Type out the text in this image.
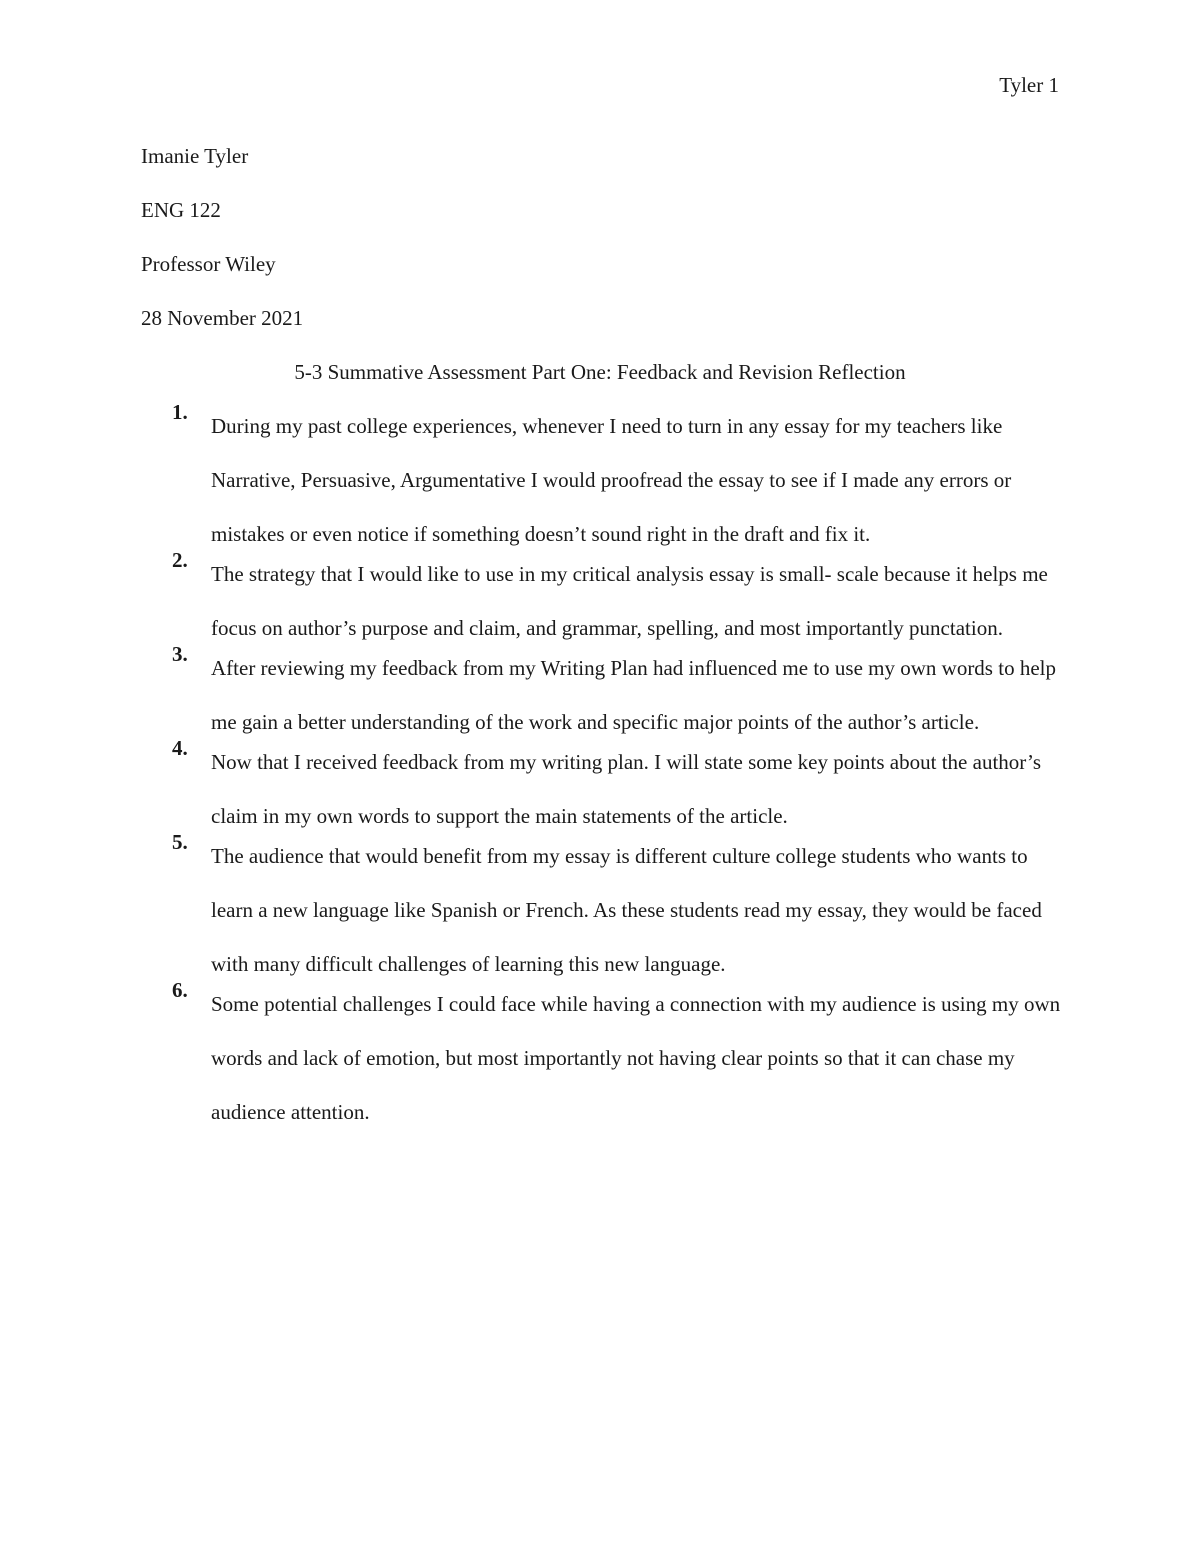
Tyler 1
Imanie Tyler
ENG 122
Professor Wiley
28 November 2021
5-3 Summative Assessment Part One: Feedback and Revision Reflection
1.
During my past college experiences, whenever I need to turn in any essay for my teachers like Narrative, Persuasive, Argumentative I would proofread the essay to see if I made any errors or mistakes or even notice if something doesn’t sound right in the draft and fix it.
2.
The strategy that I would like to use in my critical analysis essay is small- scale because it helps me focus on author’s purpose and claim, and grammar, spelling, and most importantly punctation.
3.
After reviewing my feedback from my Writing Plan had influenced me to use my own words to help me gain a better understanding of the work and specific major points of the author’s article.
4.
Now that I received feedback from my writing plan. I will state some key points about the author’s claim in my own words to support the main statements of the article.
5.
The audience that would benefit from my essay is different culture college students who wants to learn a new language like Spanish or French. As these students read my essay, they would be faced with many difficult challenges of learning this new language.
6.
Some potential challenges I could face while having a connection with my audience is using my own words and lack of emotion, but most importantly not having clear points so that it can chase my audience attention.
